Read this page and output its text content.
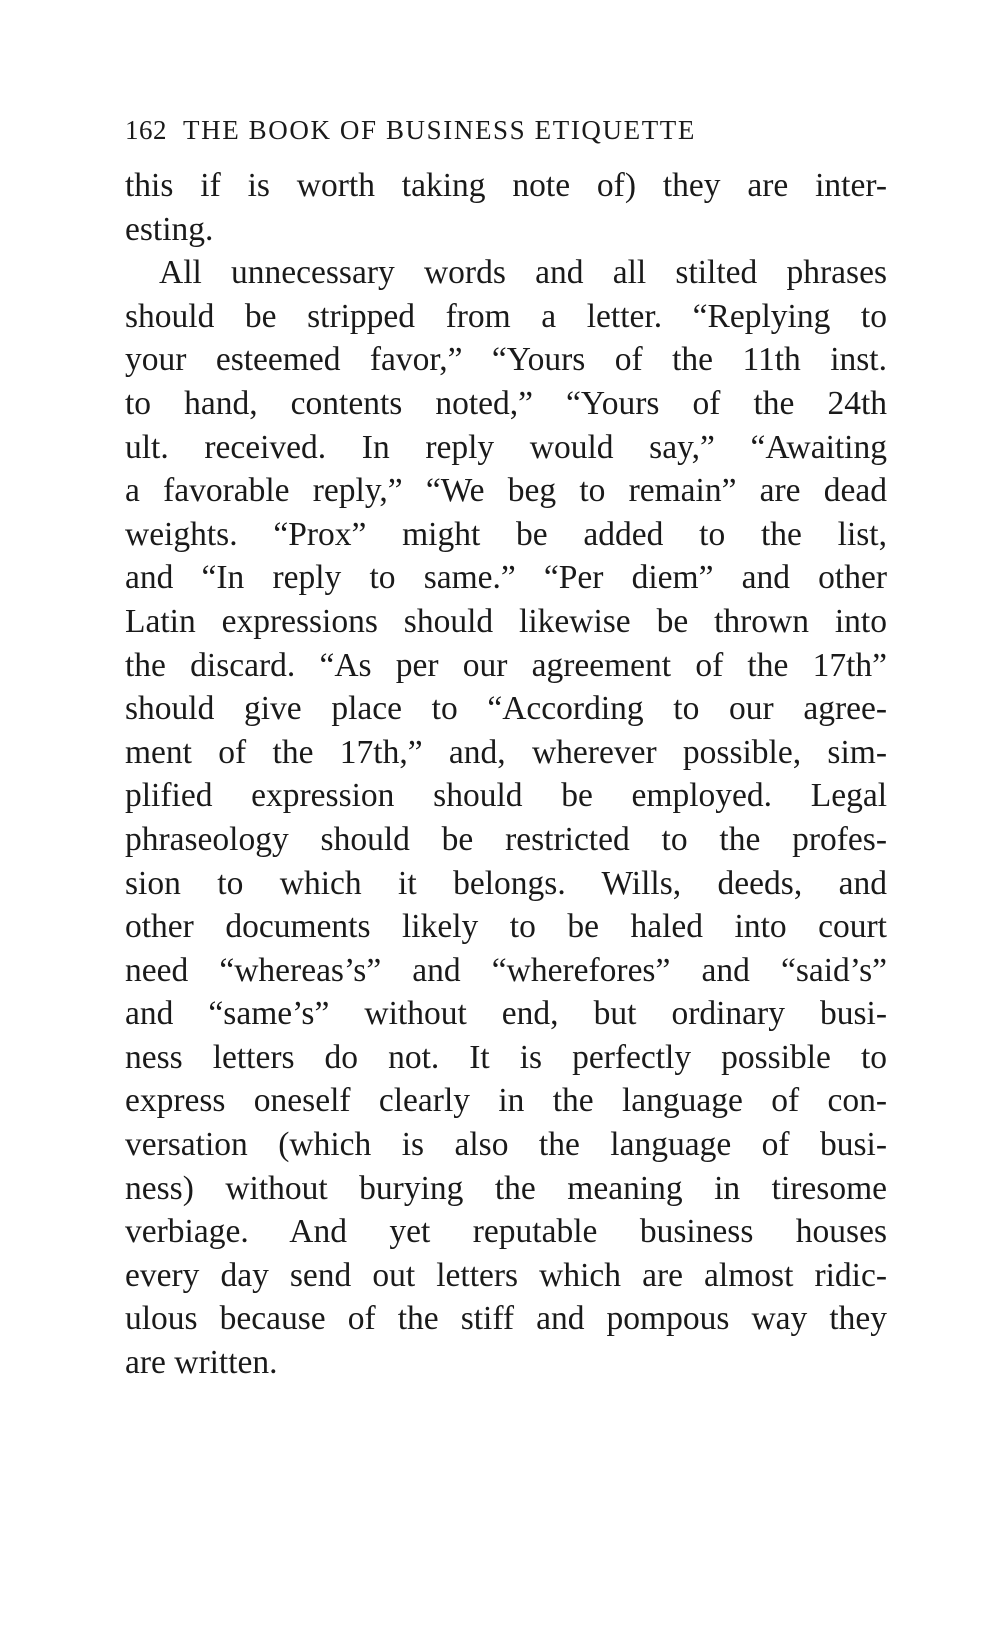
162 THE BOOK OF BUSINESS ETIQUETTE
this if is worth taking note of) they are inter-
esting.
All unnecessary words and all stilted phrases
should be stripped from a letter. “Replying to
your esteemed favor,” “Yours of the 11th inst.
to hand, contents noted,” “Yours of the 24th
ult. received. In reply would say,” “Awaiting
a favorable reply,” “We beg to remain” are dead
weights. “Prox” might be added to the list,
and “In reply to same.” “Per diem” and other
Latin expressions should likewise be thrown into
the discard. “As per our agreement of the 17th”
should give place to “According to our agree-
ment of the 17th,” and, wherever possible, sim-
plified expression should be employed. Legal
phraseology should be restricted to the profes-
sion to which it belongs. Wills, deeds, and
other documents likely to be haled into court
need “whereas’s” and “wherefores” and “said’s”
and “same’s” without end, but ordinary busi-
ness letters do not. It is perfectly possible to
express oneself clearly in the language of con-
versation (which is also the language of busi-
ness) without burying the meaning in tiresome
verbiage. And yet reputable business houses
every day send out letters which are almost ridic-
ulous because of the stiff and pompous way they
are written.
